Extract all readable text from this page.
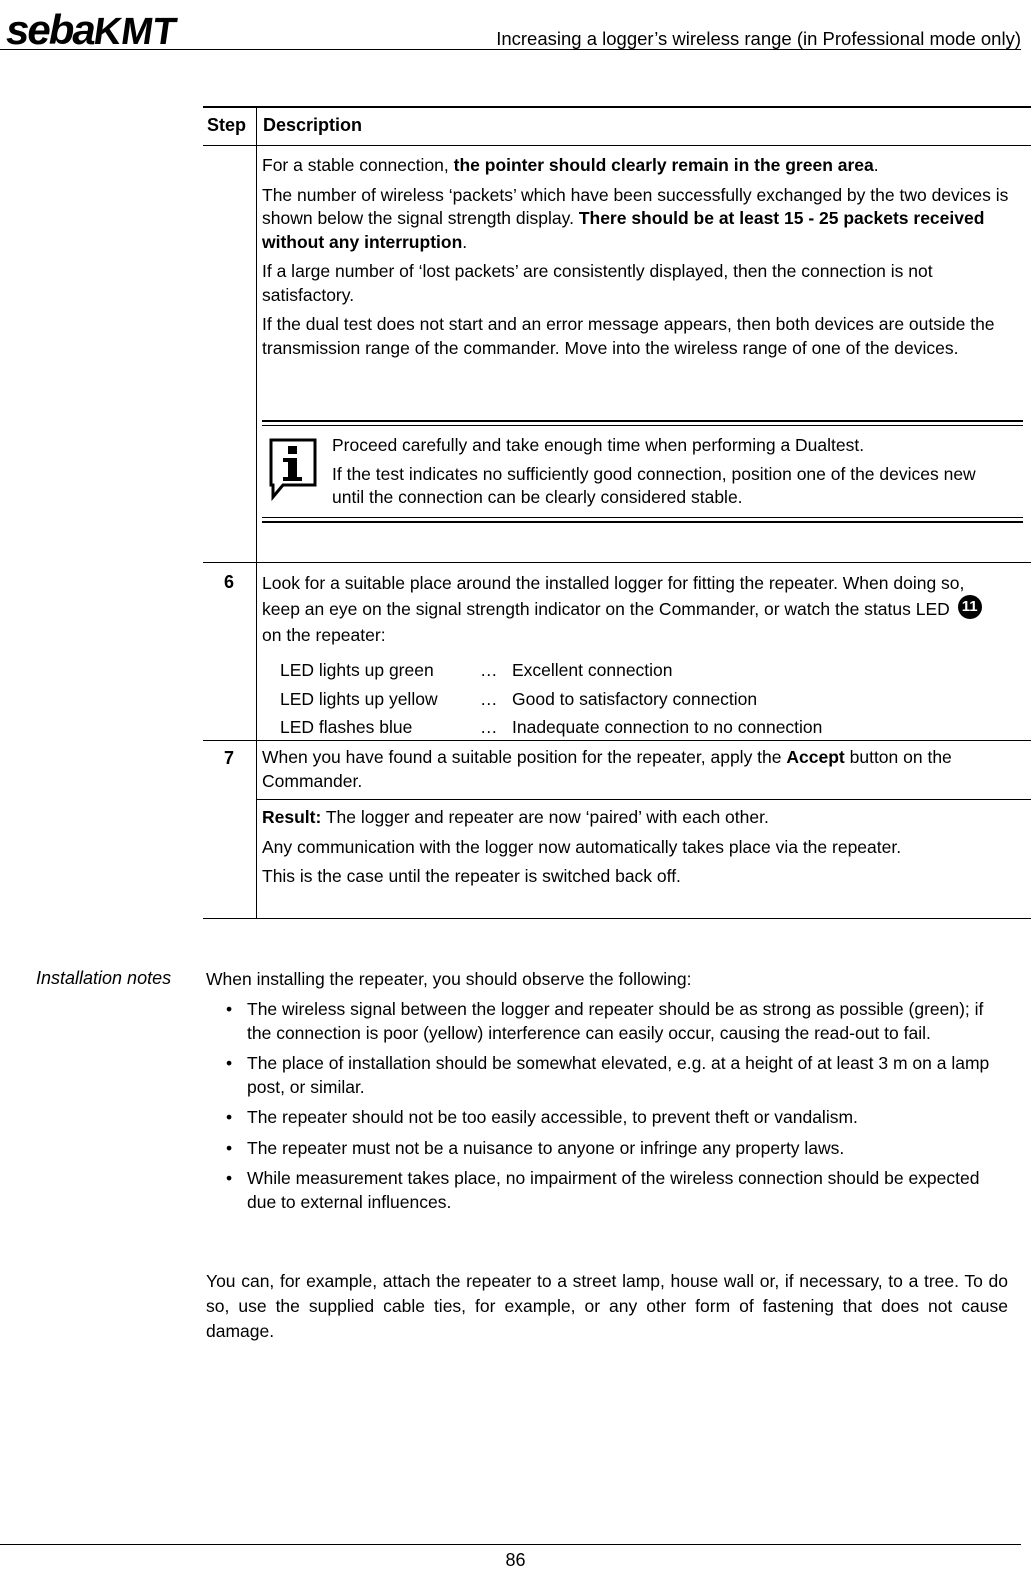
sebaKMT	Increasing a logger’s wireless range (in Professional mode only)
Step Description

For a stable connection, the pointer should clearly remain in the green area.

The number of wireless ‘packets’ which have been successfully exchanged by the two devices is shown below the signal strength display. There should be at least 15 - 25 packets received without any interruption.

If a large number of ‘lost packets’ are consistently displayed, then the connection is not satisfactory.

If the dual test does not start and an error message appears, then both devices are outside the transmission range of the commander. Move into the wireless range of one of the devices.

Proceed carefully and take enough time when performing a Dualtest.

If the test indicates no sufficiently good connection, position one of the devices new until the connection can be clearly considered stable.

6	Look for a suitable place around the installed logger for fitting the repeater. When doing so, keep an eye on the signal strength indicator on the Commander, or watch the status LED 11 on the repeater:

LED lights up green	… Excellent connection
LED lights up yellow	… Good to satisfactory connection
LED flashes blue	… Inadequate connection to no connection
7	When you have found a suitable position for the repeater, apply the Accept button on the Commander.

Result: The logger and repeater are now ‘paired’ with each other.

Any communication with the logger now automatically takes place via the repeater.

This is the case until the repeater is switched back off.

Installation notes When installing the repeater, you should observe the following:
• The wireless signal between the logger and repeater should be as strong as possible (green); if the connection is poor (yellow) interference can easily occur, causing the read-out to fail.
• The place of installation should be somewhat elevated, e.g. at a height of at least 3 m on a lamp post, or similar.
• The repeater should not be too easily accessible, to prevent theft or vandalism.
• The repeater must not be a nuisance to anyone or infringe any property laws.
• While measurement takes place, no impairment of the wireless connection should be expected due to external influences.
You can, for example, attach the repeater to a street lamp, house wall or, if necessary, to a tree. To do so, use the supplied cable ties, for example, or any other form of fastening that does not cause damage.
86
